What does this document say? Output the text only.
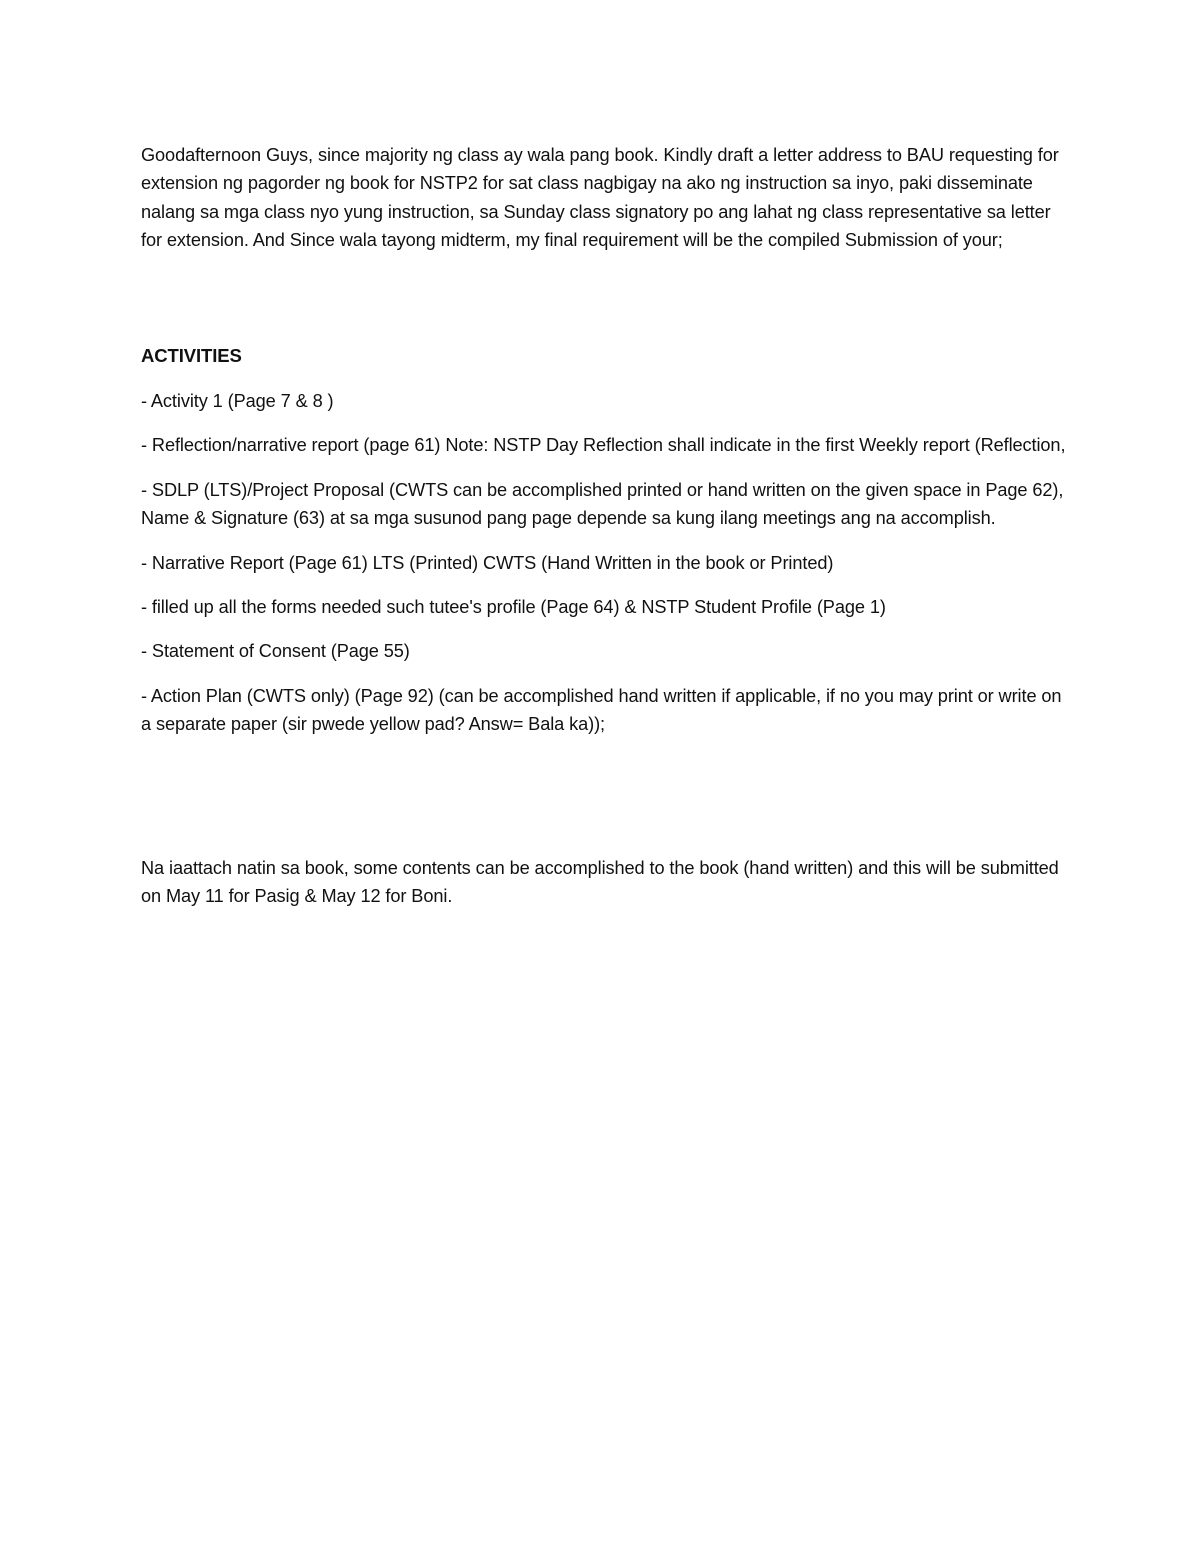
Goodafternoon Guys, since majority ng class ay wala pang book. Kindly draft a letter address to BAU requesting for extension ng pagorder ng book for NSTP2 for sat class nagbigay na ako ng instruction sa inyo, paki disseminate nalang sa mga class nyo yung instruction, sa Sunday class signatory po ang lahat ng class representative sa letter for extension. And Since wala tayong midterm, my final requirement will be the compiled Submission of your;

ACTIVITIES
- Activity 1 (Page 7 & 8 )
- Reflection/narrative report (page 61) Note: NSTP Day Reflection shall indicate in the first Weekly report (Reflection,
- SDLP (LTS)/Project Proposal (CWTS can be accomplished printed or hand written on the given space in Page 62), Name & Signature (63) at sa mga susunod pang page depende sa kung ilang meetings ang na accomplish.
- Narrative Report (Page 61) LTS (Printed) CWTS (Hand Written in the book or Printed)
- filled up all the forms needed such tutee's profile (Page 64) & NSTP Student Profile (Page 1)
- Statement of Consent (Page 55)
- Action Plan (CWTS only) (Page 92) (can be accomplished hand written if applicable, if no you may print or write on a separate paper (sir pwede yellow pad? Answ= Bala ka));

Na iaattach natin sa book, some contents can be accomplished to the book (hand written) and this will be submitted on May 11 for Pasig & May 12 for Boni.
